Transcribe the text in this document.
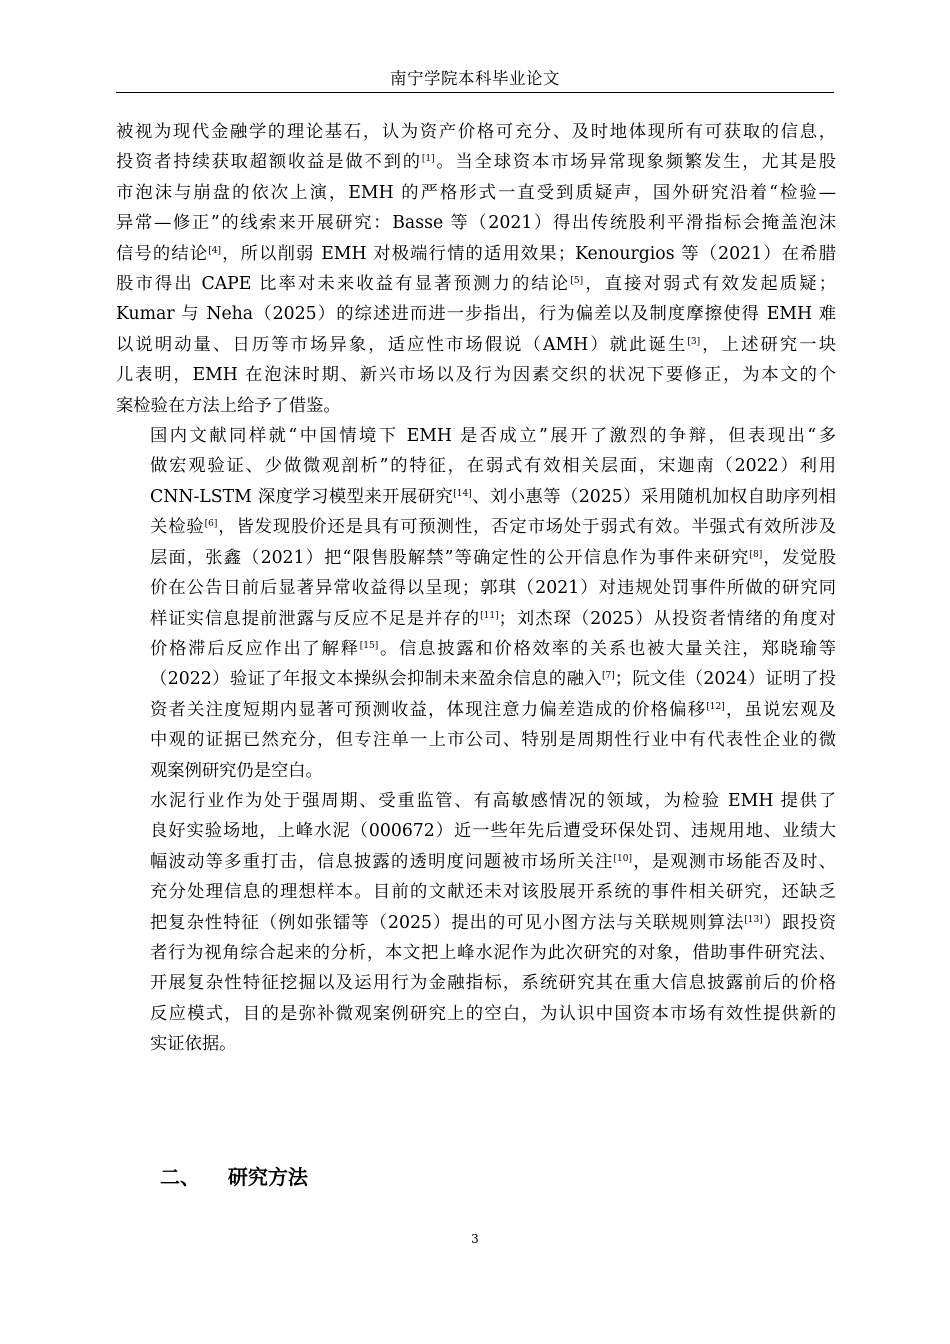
南宁学院本科毕业论文

被视为现代金融学的理论基石，认为资产价格可充分、及时地体现所有可获取的信息，
投资者持续获取超额收益是做不到的[1]。当全球资本市场异常现象频繁发生，尤其是股
市泡沫与崩盘的依次上演，EMH 的严格形式一直受到质疑声，国外研究沿着“检验—
异常—修正”的线索来开展研究：Basse 等（2021）得出传统股利平滑指标会掩盖泡沫
信号的结论[4]，所以削弱 EMH 对极端行情的适用效果；Kenourgios 等（2021）在希腊
股市得出 CAPE 比率对未来收益有显著预测力的结论[5]，直接对弱式有效发起质疑；
Kumar 与 Neha（2025）的综述进而进一步指出，行为偏差以及制度摩擦使得 EMH 难
以说明动量、日历等市场异象，适应性市场假说（AMH）就此诞生[3]，上述研究一块
儿表明，EMH 在泡沫时期、新兴市场以及行为因素交织的状况下要修正，为本文的个
案检验在方法上给予了借鉴。

国内文献同样就“中国情境下 EMH 是否成立”展开了激烈的争辩，但表现出“多
做宏观验证、少做微观剖析”的特征，在弱式有效相关层面，宋迦南（2022）利用
CNN-LSTM 深度学习模型来开展研究[14]、刘小惠等（2025）采用随机加权自助序列相
关检验[6]，皆发现股价还是具有可预测性，否定市场处于弱式有效。半强式有效所涉及
层面，张鑫（2021）把“限售股解禁”等确定性的公开信息作为事件来研究[8]，发觉股
价在公告日前后显著异常收益得以呈现；郭琪（2021）对违规处罚事件所做的研究同
样证实信息提前泄露与反应不足是并存的[11]；刘杰琛（2025）从投资者情绪的角度对
价格滞后反应作出了解释[15]。信息披露和价格效率的关系也被大量关注，郑晓瑜等
（2022）验证了年报文本操纵会抑制未来盈余信息的融入[7]；阮文佳（2024）证明了投
资者关注度短期内显著可预测收益，体现注意力偏差造成的价格偏移[12]，虽说宏观及
中观的证据已然充分，但专注单一上市公司、特别是周期性行业中有代表性企业的微
观案例研究仍是空白。

水泥行业作为处于强周期、受重监管、有高敏感情况的领域，为检验 EMH 提供了
良好实验场地，上峰水泥（000672）近一些年先后遭受环保处罚、违规用地、业绩大
幅波动等多重打击，信息披露的透明度问题被市场所关注[10]，是观测市场能否及时、
充分处理信息的理想样本。目前的文献还未对该股展开系统的事件相关研究，还缺乏
把复杂性特征（例如张镭等（2025）提出的可见小图方法与关联规则算法[13]）跟投资
者行为视角综合起来的分析，本文把上峰水泥作为此次研究的对象，借助事件研究法、
开展复杂性特征挖掘以及运用行为金融指标，系统研究其在重大信息披露前后的价格
反应模式，目的是弥补微观案例研究上的空白，为认识中国资本市场有效性提供新的
实证依据。

二、 研究方法
3
